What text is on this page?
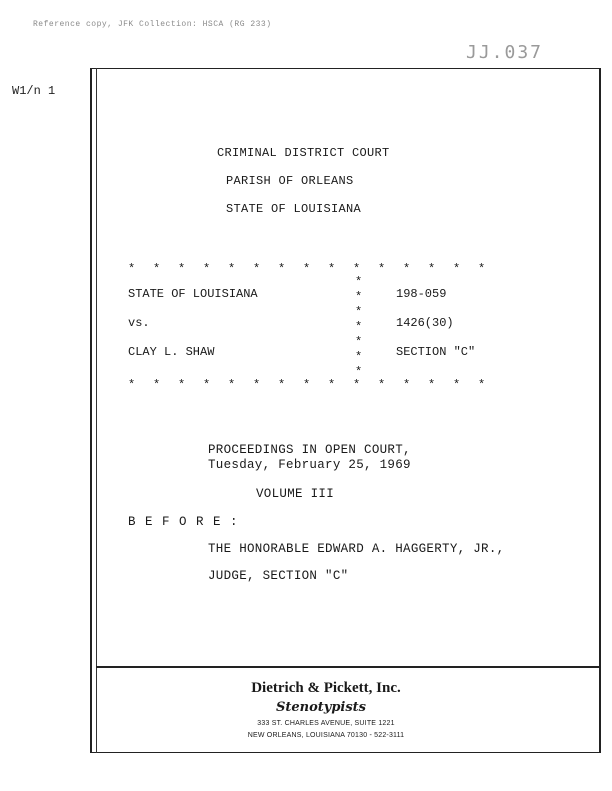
Reference copy, JFK Collection: HSCA (RG 233)
JJ.037
W1/n 1
CRIMINAL DISTRICT COURT
PARISH OF ORLEANS
STATE OF LOUISIANA
* * * * * * * * * * * * * * *
* * * * * * * * * * * * * * *
*
*
*
*
*
*
*
STATE OF LOUISIANA
vs.
CLAY L. SHAW
198-059
1426(30)
SECTION "C"
PROCEEDINGS IN OPEN COURT,
Tuesday, February 25, 1969
VOLUME III
B E F O R E :
THE HONORABLE EDWARD A. HAGGERTY, JR.,
JUDGE, SECTION "C"
Dietrich & Pickett, Inc.
Stenotypists
333 ST. CHARLES AVENUE, SUITE 1221
NEW ORLEANS, LOUISIANA 70130 - 522-3111
